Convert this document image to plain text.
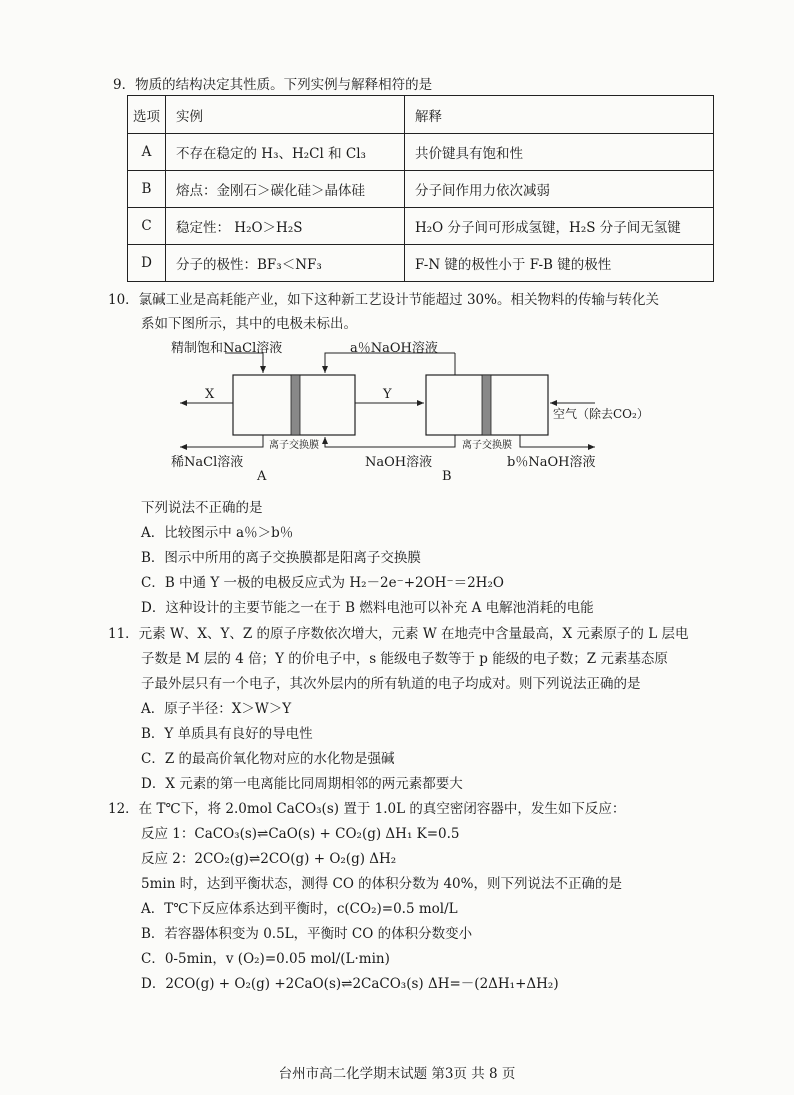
9．物质的结构决定其性质。下列实例与解释相符的是
选项	实例	解释
A	不存在稳定的 H₃、H₂Cl 和 Cl₃	共价键具有饱和性
B	熔点：金刚石＞碳化硅＞晶体硅	分子间作用力依次减弱
C	稳定性： H₂O＞H₂S	H₂O 分子间可形成氢键，H₂S 分子间无氢键
D	分子的极性：BF₃＜NF₃	F-N 键的极性小于 F-B 键的极性
10．氯碱工业是高耗能产业，如下这种新工艺设计节能超过 30%。相关物料的传输与转化关
系如下图所示，其中的电极未标出。
精制饱和NaCl溶液	a％NaOH溶液
X	Y
空气（除去CO₂）
离子交换膜	离子交换膜
稀NaCl溶液	NaOH溶液	b％NaOH溶液
A	B
下列说法不正确的是
A．比较图示中 a％＞b％
B．图示中所用的离子交换膜都是阳离子交换膜
C．B 中通 Y 一极的电极反应式为 H₂－2e⁻+2OH⁻＝2H₂O
D．这种设计的主要节能之一在于 B 燃料电池可以补充 A 电解池消耗的电能
11．元素 W、X、Y、Z 的原子序数依次增大，元素 W 在地壳中含量最高，X 元素原子的 L 层电
子数是 M 层的 4 倍；Y 的价电子中，s 能级电子数等于 p 能级的电子数；Z 元素基态原
子最外层只有一个电子，其次外层内的所有轨道的电子均成对。则下列说法正确的是
A．原子半径：X＞W＞Y
B．Y 单质具有良好的导电性
C．Z 的最高价氧化物对应的水化物是强碱
D．X 元素的第一电离能比同周期相邻的两元素都要大
12．在 T℃下，将 2.0mol CaCO₃(s) 置于 1.0L 的真空密闭容器中，发生如下反应：
反应 1：CaCO₃(s)⇌CaO(s) + CO₂(g) ΔH₁ K=0.5
反应 2：2CO₂(g)⇌2CO(g) + O₂(g) ΔH₂
5min 时，达到平衡状态，测得 CO 的体积分数为 40%，则下列说法不正确的是
A．T℃下反应体系达到平衡时，c(CO₂)=0.5 mol/L
B．若容器体积变为 0.5L，平衡时 CO 的体积分数变小
C．0-5min，v (O₂)=0.05 mol/(L·min)
D．2CO(g) + O₂(g) +2CaO(s)⇌2CaCO₃(s) ΔH=－(2ΔH₁+ΔH₂)
台州市高二化学期末试题 第3页 共 8 页
